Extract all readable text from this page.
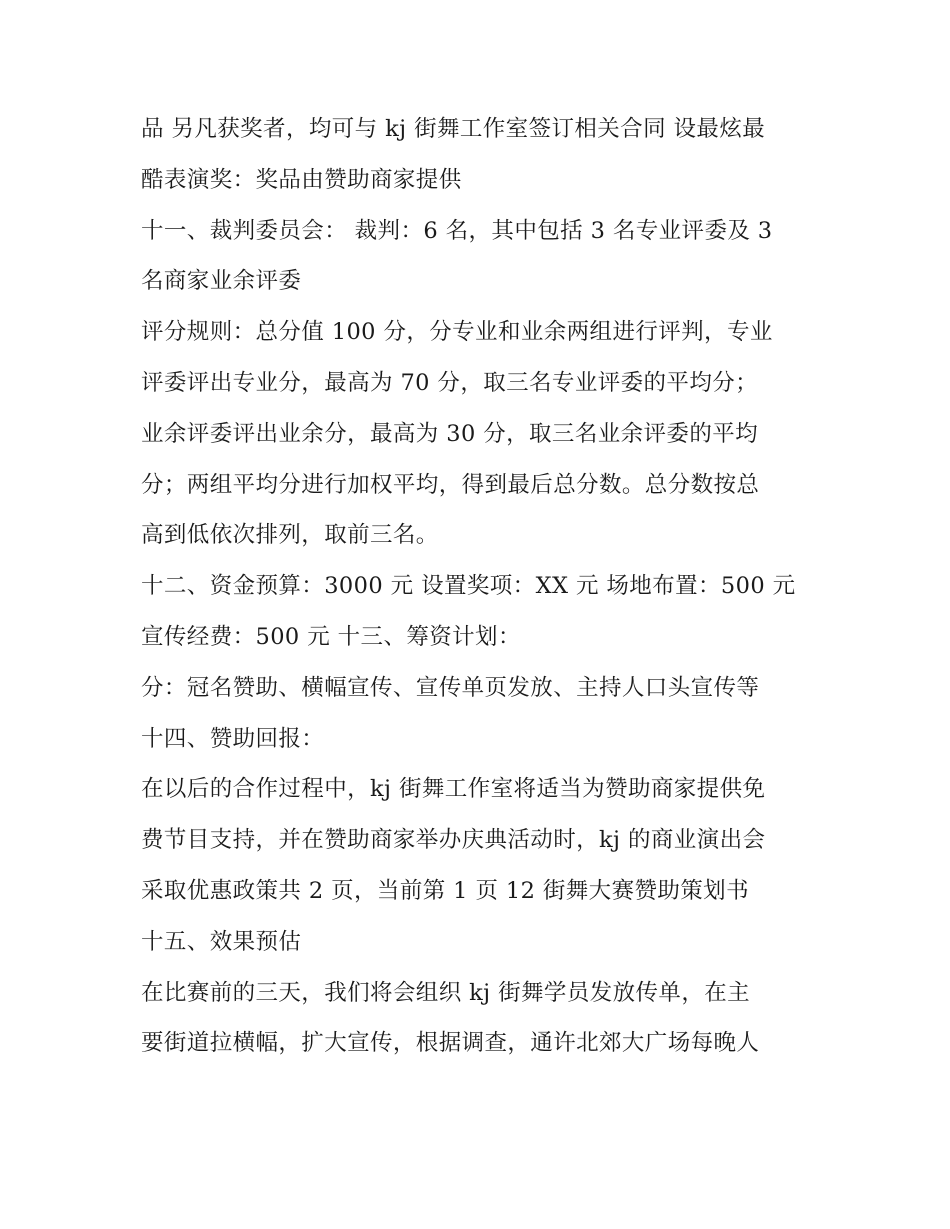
品 另凡获奖者，均可与 kj 街舞工作室签订相关合同 设最炫最
酷表演奖：奖品由赞助商家提供
十一、裁判委员会： 裁判：6 名，其中包括 3 名专业评委及 3
名商家业余评委
评分规则：总分值 100 分，分专业和业余两组进行评判，专业
评委评出专业分，最高为 70 分，取三名专业评委的平均分；
业余评委评出业余分，最高为 30 分，取三名业余评委的平均
分；两组平均分进行加权平均，得到最后总分数。总分数按总
高到低依次排列，取前三名。
十二、资金预算：3000 元 设置奖项：XX 元 场地布置：500 元
宣传经费：500 元 十三、筹资计划：
分：冠名赞助、横幅宣传、宣传单页发放、主持人口头宣传等
十四、赞助回报：
在以后的合作过程中，kj 街舞工作室将适当为赞助商家提供免
费节目支持，并在赞助商家举办庆典活动时，kj 的商业演出会
采取优惠政策共 2 页，当前第 1 页 12 街舞大赛赞助策划书
十五、效果预估
在比赛前的三天，我们将会组织 kj 街舞学员发放传单，在主
要街道拉横幅，扩大宣传，根据调查，通许北郊大广场每晚人
